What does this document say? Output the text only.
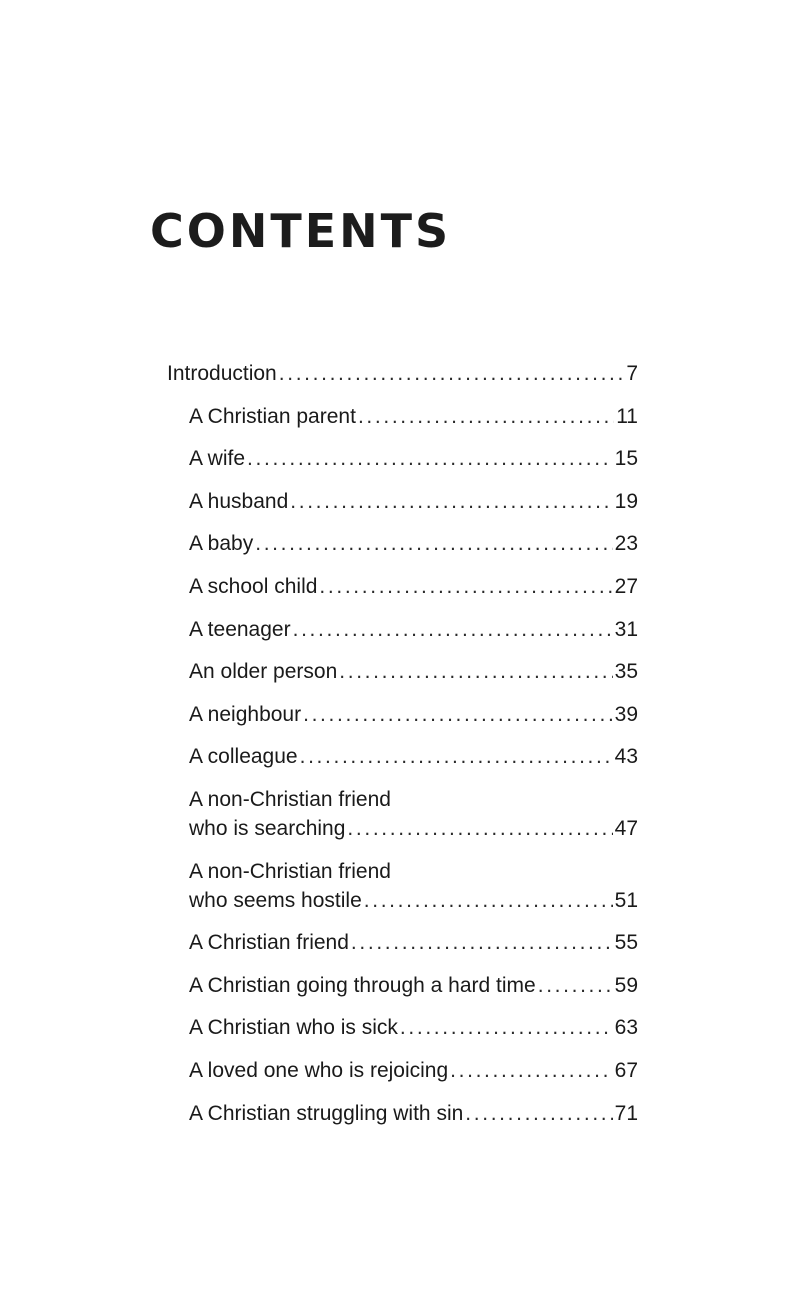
CONTENTS
Introduction . . .	7
A Christian parent . . .	11
A wife . . .	15
A husband . . .	19
A baby . . .	23
A school child . . .	27
A teenager . . .	31
An older person . . .	35
A neighbour . . .	39
A colleague . . .	43
A non-Christian friend
who is searching . . .	47
A non-Christian friend
who seems hostile . . .	51
A Christian friend . . .	55
A Christian going through a hard time . . .	59
A Christian who is sick . . .	63
A loved one who is rejoicing . . .	67
A Christian struggling with sin . . .	71
